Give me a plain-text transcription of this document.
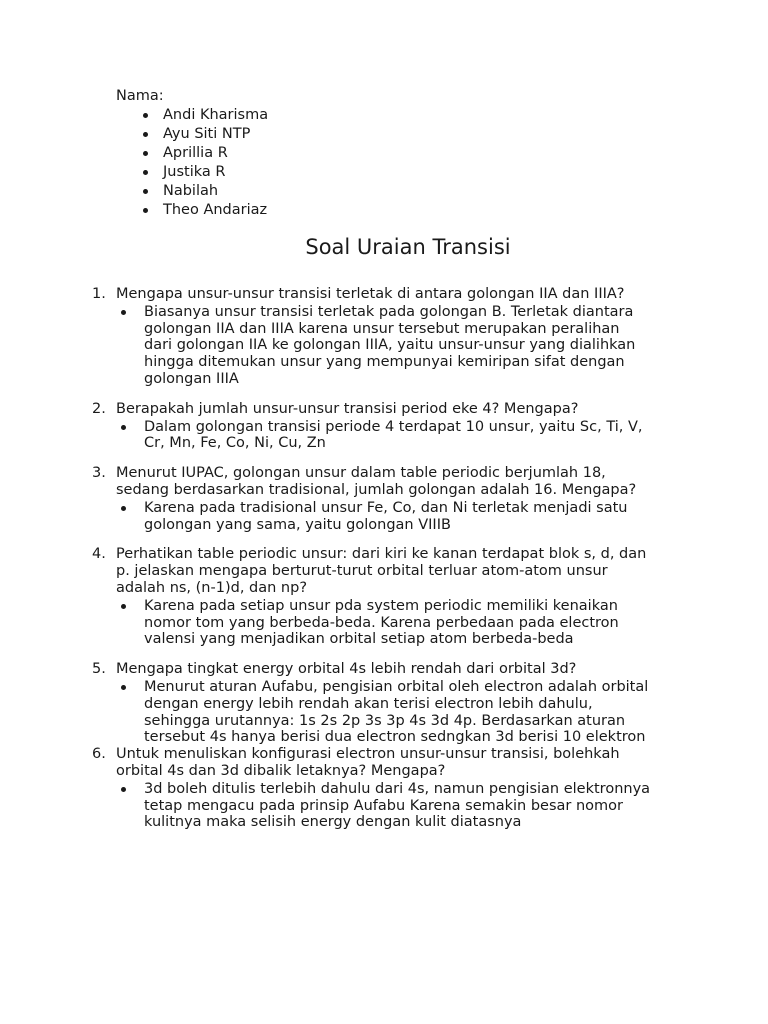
Nama:
Andi Kharisma
Ayu Siti NTP
Aprillia R
Justika R
Nabilah
Theo Andariaz
Soal Uraian Transisi
1. Mengapa unsur-unsur transisi terletak di antara golongan IIA dan IIIA?
Biasanya unsur transisi terletak pada golongan B. Terletak diantara golongan IIA dan IIIA karena unsur tersebut merupakan peralihan dari golongan IIA ke golongan IIIA, yaitu unsur-unsur yang dialihkan hingga ditemukan unsur yang mempunyai kemiripan sifat dengan golongan IIIA
2. Berapakah jumlah unsur-unsur transisi period eke 4? Mengapa?
Dalam golongan transisi periode 4 terdapat 10 unsur, yaitu Sc, Ti, V, Cr, Mn, Fe, Co, Ni, Cu, Zn
3. Menurut IUPAC, golongan unsur dalam table periodic berjumlah 18, sedang berdasarkan tradisional, jumlah golongan adalah 16. Mengapa?
Karena pada tradisional unsur Fe, Co, dan Ni terletak menjadi satu golongan yang sama, yaitu golongan VIIIB
4. Perhatikan table periodic unsur: dari kiri ke kanan terdapat blok s, d, dan p. jelaskan mengapa berturut-turut orbital terluar atom-atom unsur adalah ns, (n-1)d, dan np?
Karena pada setiap unsur pda system periodic memiliki kenaikan nomor tom yang berbeda-beda. Karena perbedaan pada electron valensi yang menjadikan orbital setiap atom berbeda-beda
5. Mengapa tingkat energy orbital 4s lebih rendah dari orbital 3d?
Menurut aturan Aufabu, pengisian orbital oleh electron adalah orbital dengan energy lebih rendah akan terisi electron lebih dahulu, sehingga urutannya: 1s 2s 2p 3s 3p 4s 3d 4p. Berdasarkan aturan tersebut 4s hanya berisi dua electron sedngkan 3d berisi 10 elektron
6. Untuk menuliskan konfigurasi electron unsur-unsur transisi, bolehkah orbital 4s dan 3d dibalik letaknya? Mengapa?
3d boleh ditulis terlebih dahulu dari 4s, namun pengisian elektronnya tetap mengacu pada prinsip Aufabu Karena semakin besar nomor kulitnya maka selisih energy dengan kulit diatasnya
